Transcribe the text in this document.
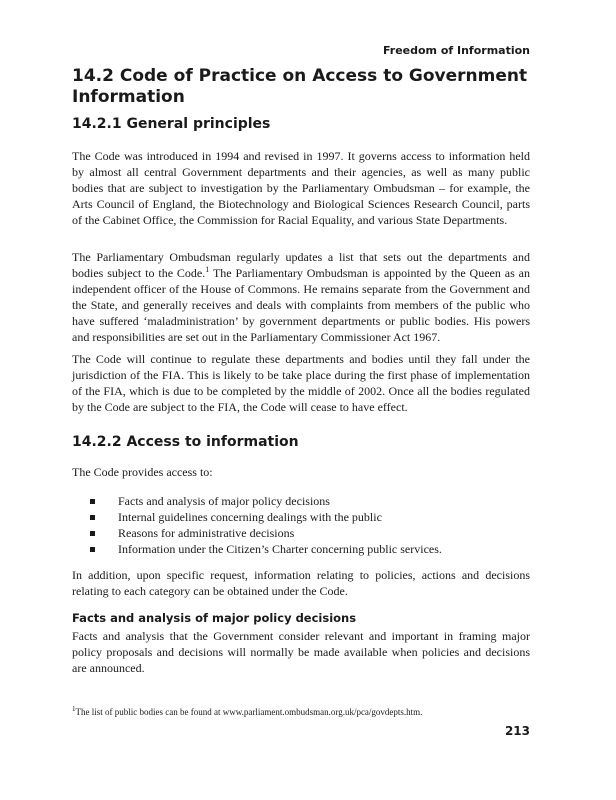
Freedom of Information
14.2 Code of Practice on Access to Government Information
14.2.1 General principles

The Code was introduced in 1994 and revised in 1997. It governs access to information held by almost all central Government departments and their agencies, as well as many public bodies that are subject to investigation by the Parliamentary Ombudsman – for example, the Arts Council of England, the Biotechnology and Biological Sciences Research Council, parts of the Cabinet Office, the Commission for Racial Equality, and various State Departments.

The Parliamentary Ombudsman regularly updates a list that sets out the departments and bodies subject to the Code.$^1$ The Parliamentary Ombudsman is appointed by the Queen as an independent officer of the House of Commons. He remains separate from the Government and the State, and generally receives and deals with complaints from members of the public who have suffered ‘maladministration’ by government departments or public bodies. His powers and responsibilities are set out in the Parliamentary Commissioner Act 1967.

The Code will continue to regulate these departments and bodies until they fall under the jurisdiction of the FIA. This is likely to be take place during the first phase of implementation of the FIA, which is due to be completed by the middle of 2002. Once all the bodies regulated by the Code are subject to the FIA, the Code will cease to have effect.

14.2.2 Access to information

The Code provides access to:

Facts and analysis of major policy decisions
Internal guidelines concerning dealings with the public
Reasons for administrative decisions
Information under the Citizen’s Charter concerning public services.

In addition, upon specific request, information relating to policies, actions and decisions relating to each category can be obtained under the Code.

Facts and analysis of major policy decisions

Facts and analysis that the Government consider relevant and important in framing major policy proposals and decisions will normally be made available when policies and decisions are announced.

$^1$The list of public bodies can be found at www.parliament.ombudsman.org.uk/pca/govdepts.htm.
213
